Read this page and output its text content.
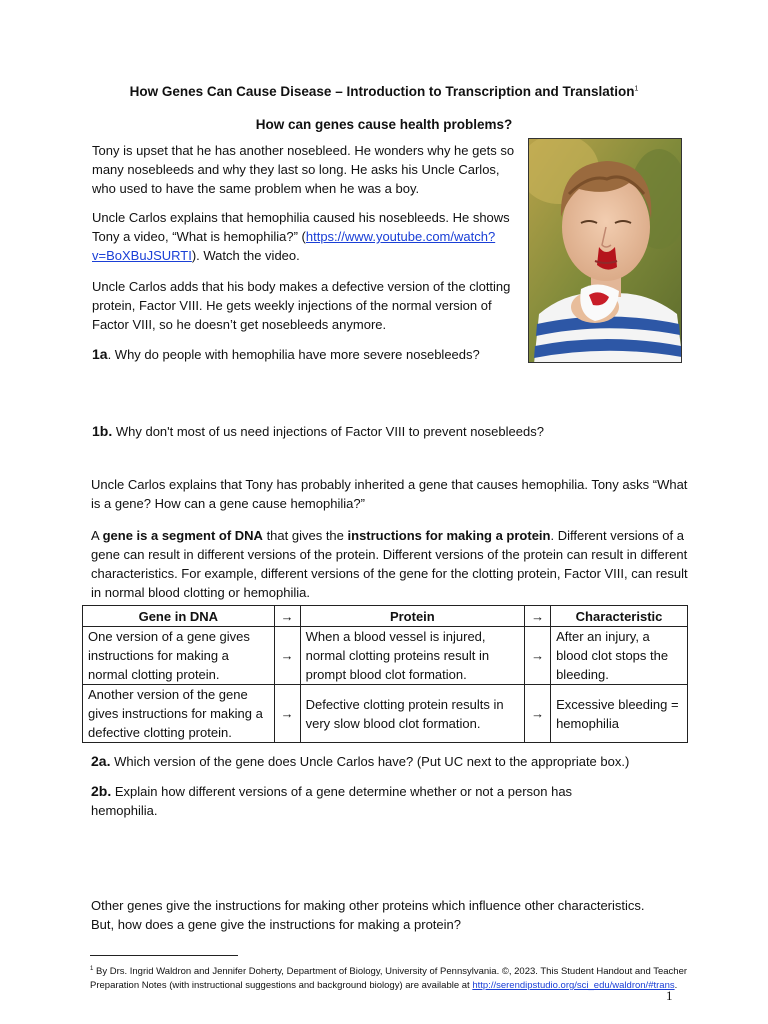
How Genes Can Cause Disease – Introduction to Transcription and Translation$^1$
How can genes cause health problems?
Tony is upset that he has another nosebleed. He wonders why he gets so many nosebleeds and why they last so long. He asks his Uncle Carlos, who used to have the same problem when he was a boy.
Uncle Carlos explains that hemophilia caused his nosebleeds. He shows Tony a video, “What is hemophilia?” (https://www.youtube.com/watch?v=BoXBuJSURTI). Watch the video.
Uncle Carlos adds that his body makes a defective version of the clotting protein, Factor VIII. He gets weekly injections of the normal version of Factor VIII, so he doesn’t get nosebleeds anymore.
1a. Why do people with hemophilia have more severe nosebleeds?
1b. Why don't most of us need injections of Factor VIII to prevent nosebleeds?
Uncle Carlos explains that Tony has probably inherited a gene that causes hemophilia. Tony asks “What is a gene? How can a gene cause hemophilia?”
A gene is a segment of DNA that gives the instructions for making a protein. Different versions of a gene can result in different versions of the protein. Different versions of the protein can result in different characteristics. For example, different versions of the gene for the clotting protein, Factor VIII, can result in normal blood clotting or hemophilia.
Gene in DNA	→	Protein	→	Characteristic
One version of a gene gives instructions for making a normal clotting protein.	→	When a blood vessel is injured, normal clotting proteins result in prompt blood clot formation.	→	After an injury, a blood clot stops the bleeding.
Another version of the gene gives instructions for making a defective clotting protein.	→	Defective clotting protein results in very slow blood clot formation.	→	Excessive bleeding = hemophilia
2a. Which version of the gene does Uncle Carlos have? (Put UC next to the appropriate box.)
2b. Explain how different versions of a gene determine whether or not a person has hemophilia.
Other genes give the instructions for making other proteins which influence other characteristics. But, how does a gene give the instructions for making a protein?
$^1$ By Drs. Ingrid Waldron and Jennifer Doherty, Department of Biology, University of Pennsylvania. ©, 2023. This Student Handout and Teacher Preparation Notes (with instructional suggestions and background biology) are available at http://serendipstudio.org/sci_edu/waldron/#trans.
1
